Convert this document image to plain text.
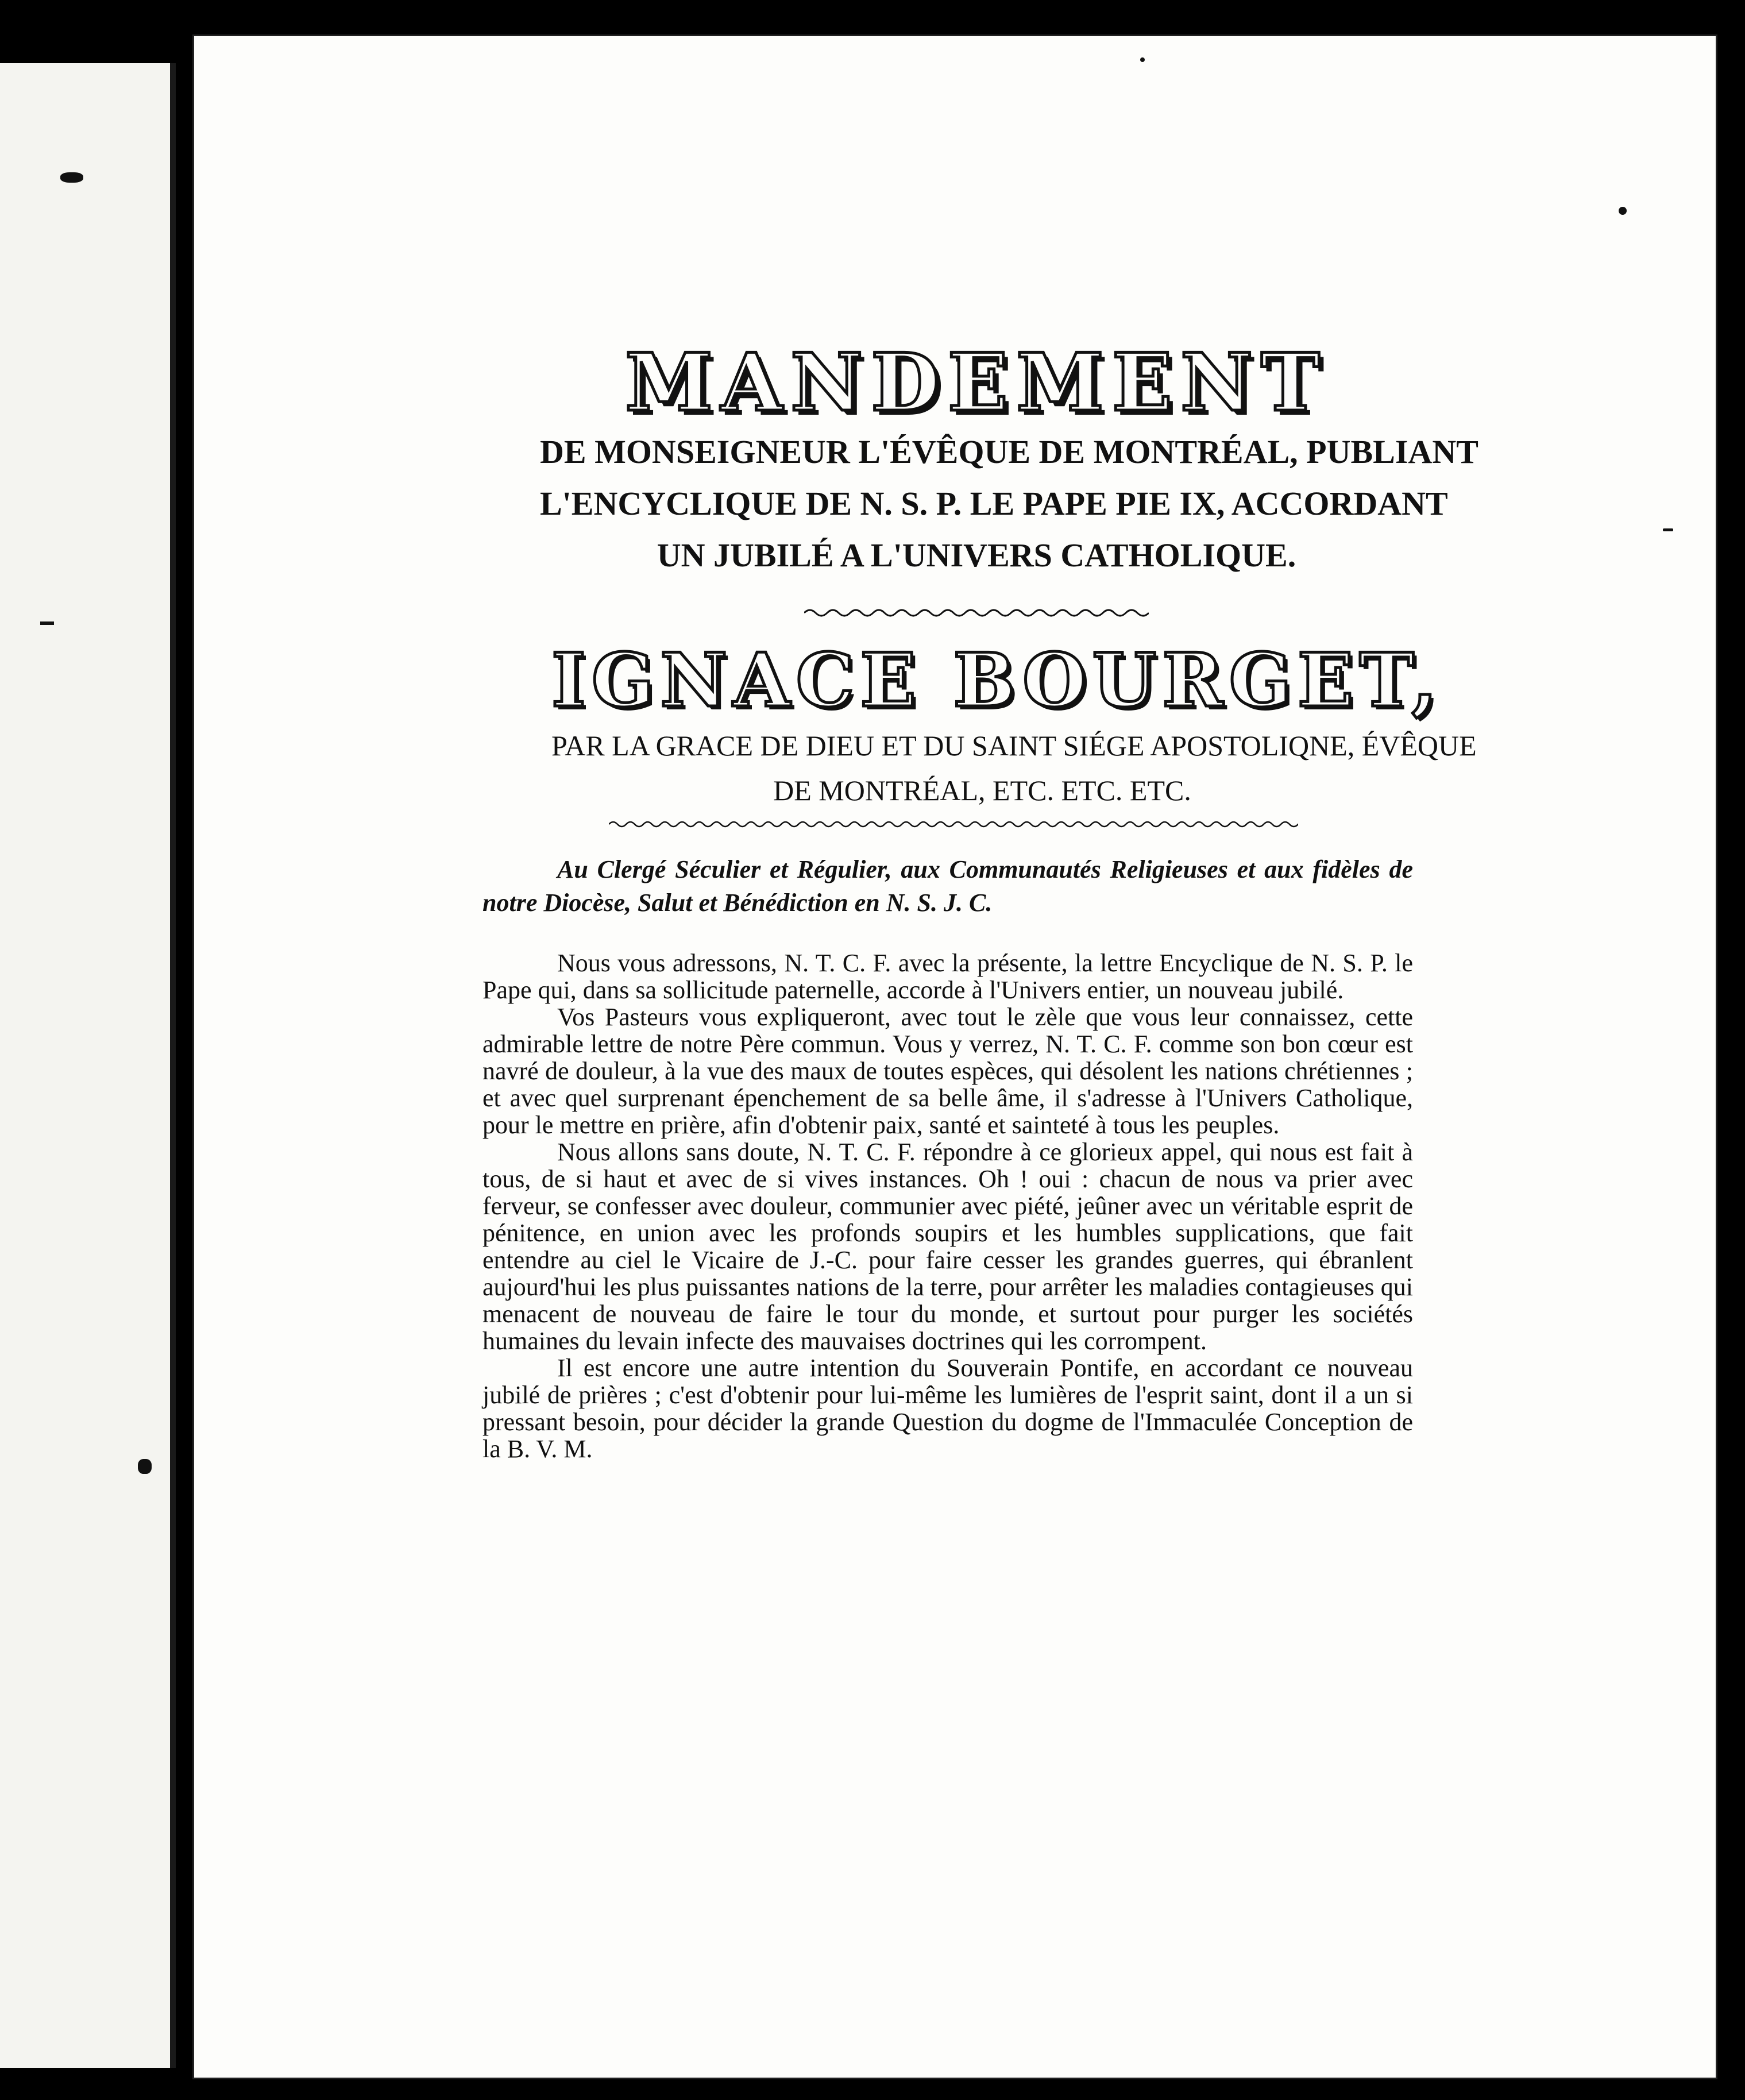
MANDEMENT
DE MONSEIGNEUR L'ÉVÊQUE DE MONTRÉAL, PUBLIANT
L'ENCYCLIQUE DE N. S. P. LE PAPE PIE IX, ACCORDANT
UN JUBILÉ A L'UNIVERS CATHOLIQUE.
IGNACE BOURGET,
PAR LA GRACE DE DIEU ET DU SAINT SIÉGE APOSTOLIQNE, ÉVÊQUE
DE MONTRÉAL, ETC. ETC. ETC.

Au Clergé Séculier et Régulier, aux Communautés Religieuses et aux fidèles de notre Diocèse, Salut et Bénédiction en N. S. J. C.

Nous vous adressons, N. T. C. F. avec la présente, la lettre Encyclique de N. S. P. le Pape qui, dans sa sollicitude paternelle, accorde à l'Univers entier, un nouveau jubilé.

Vos Pasteurs vous expliqueront, avec tout le zèle que vous leur connaissez, cette admirable lettre de notre Père commun. Vous y verrez, N. T. C. F. comme son bon cœur est navré de douleur, à la vue des maux de toutes espèces, qui désolent les nations chrétiennes ; et avec quel surprenant épenchement de sa belle âme, il s'adresse à l'Univers Catholique, pour le mettre en prière, afin d'obtenir paix, santé et sainteté à tous les peuples.

Nous allons sans doute, N. T. C. F. répondre à ce glorieux appel, qui nous est fait à tous, de si haut et avec de si vives instances. Oh ! oui : chacun de nous va prier avec ferveur, se confesser avec douleur, communier avec piété, jeûner avec un véritable esprit de pénitence, en union avec les profonds soupirs et les humbles supplications, que fait entendre au ciel le Vicaire de J.-C. pour faire cesser les grandes guerres, qui ébranlent aujourd'hui les plus puissantes nations de la terre, pour arrêter les maladies contagieuses qui menacent de nouveau de faire le tour du monde, et surtout pour purger les sociétés humaines du levain infecte des mauvaises doctrines qui les corrompent.

Il est encore une autre intention du Souverain Pontife, en accordant ce nouveau jubilé de prières ; c'est d'obtenir pour lui-même les lumières de l'esprit saint, dont il a un si pressant besoin, pour décider la grande Question du dogme de l'Immaculée Conception de la B. V. M.
